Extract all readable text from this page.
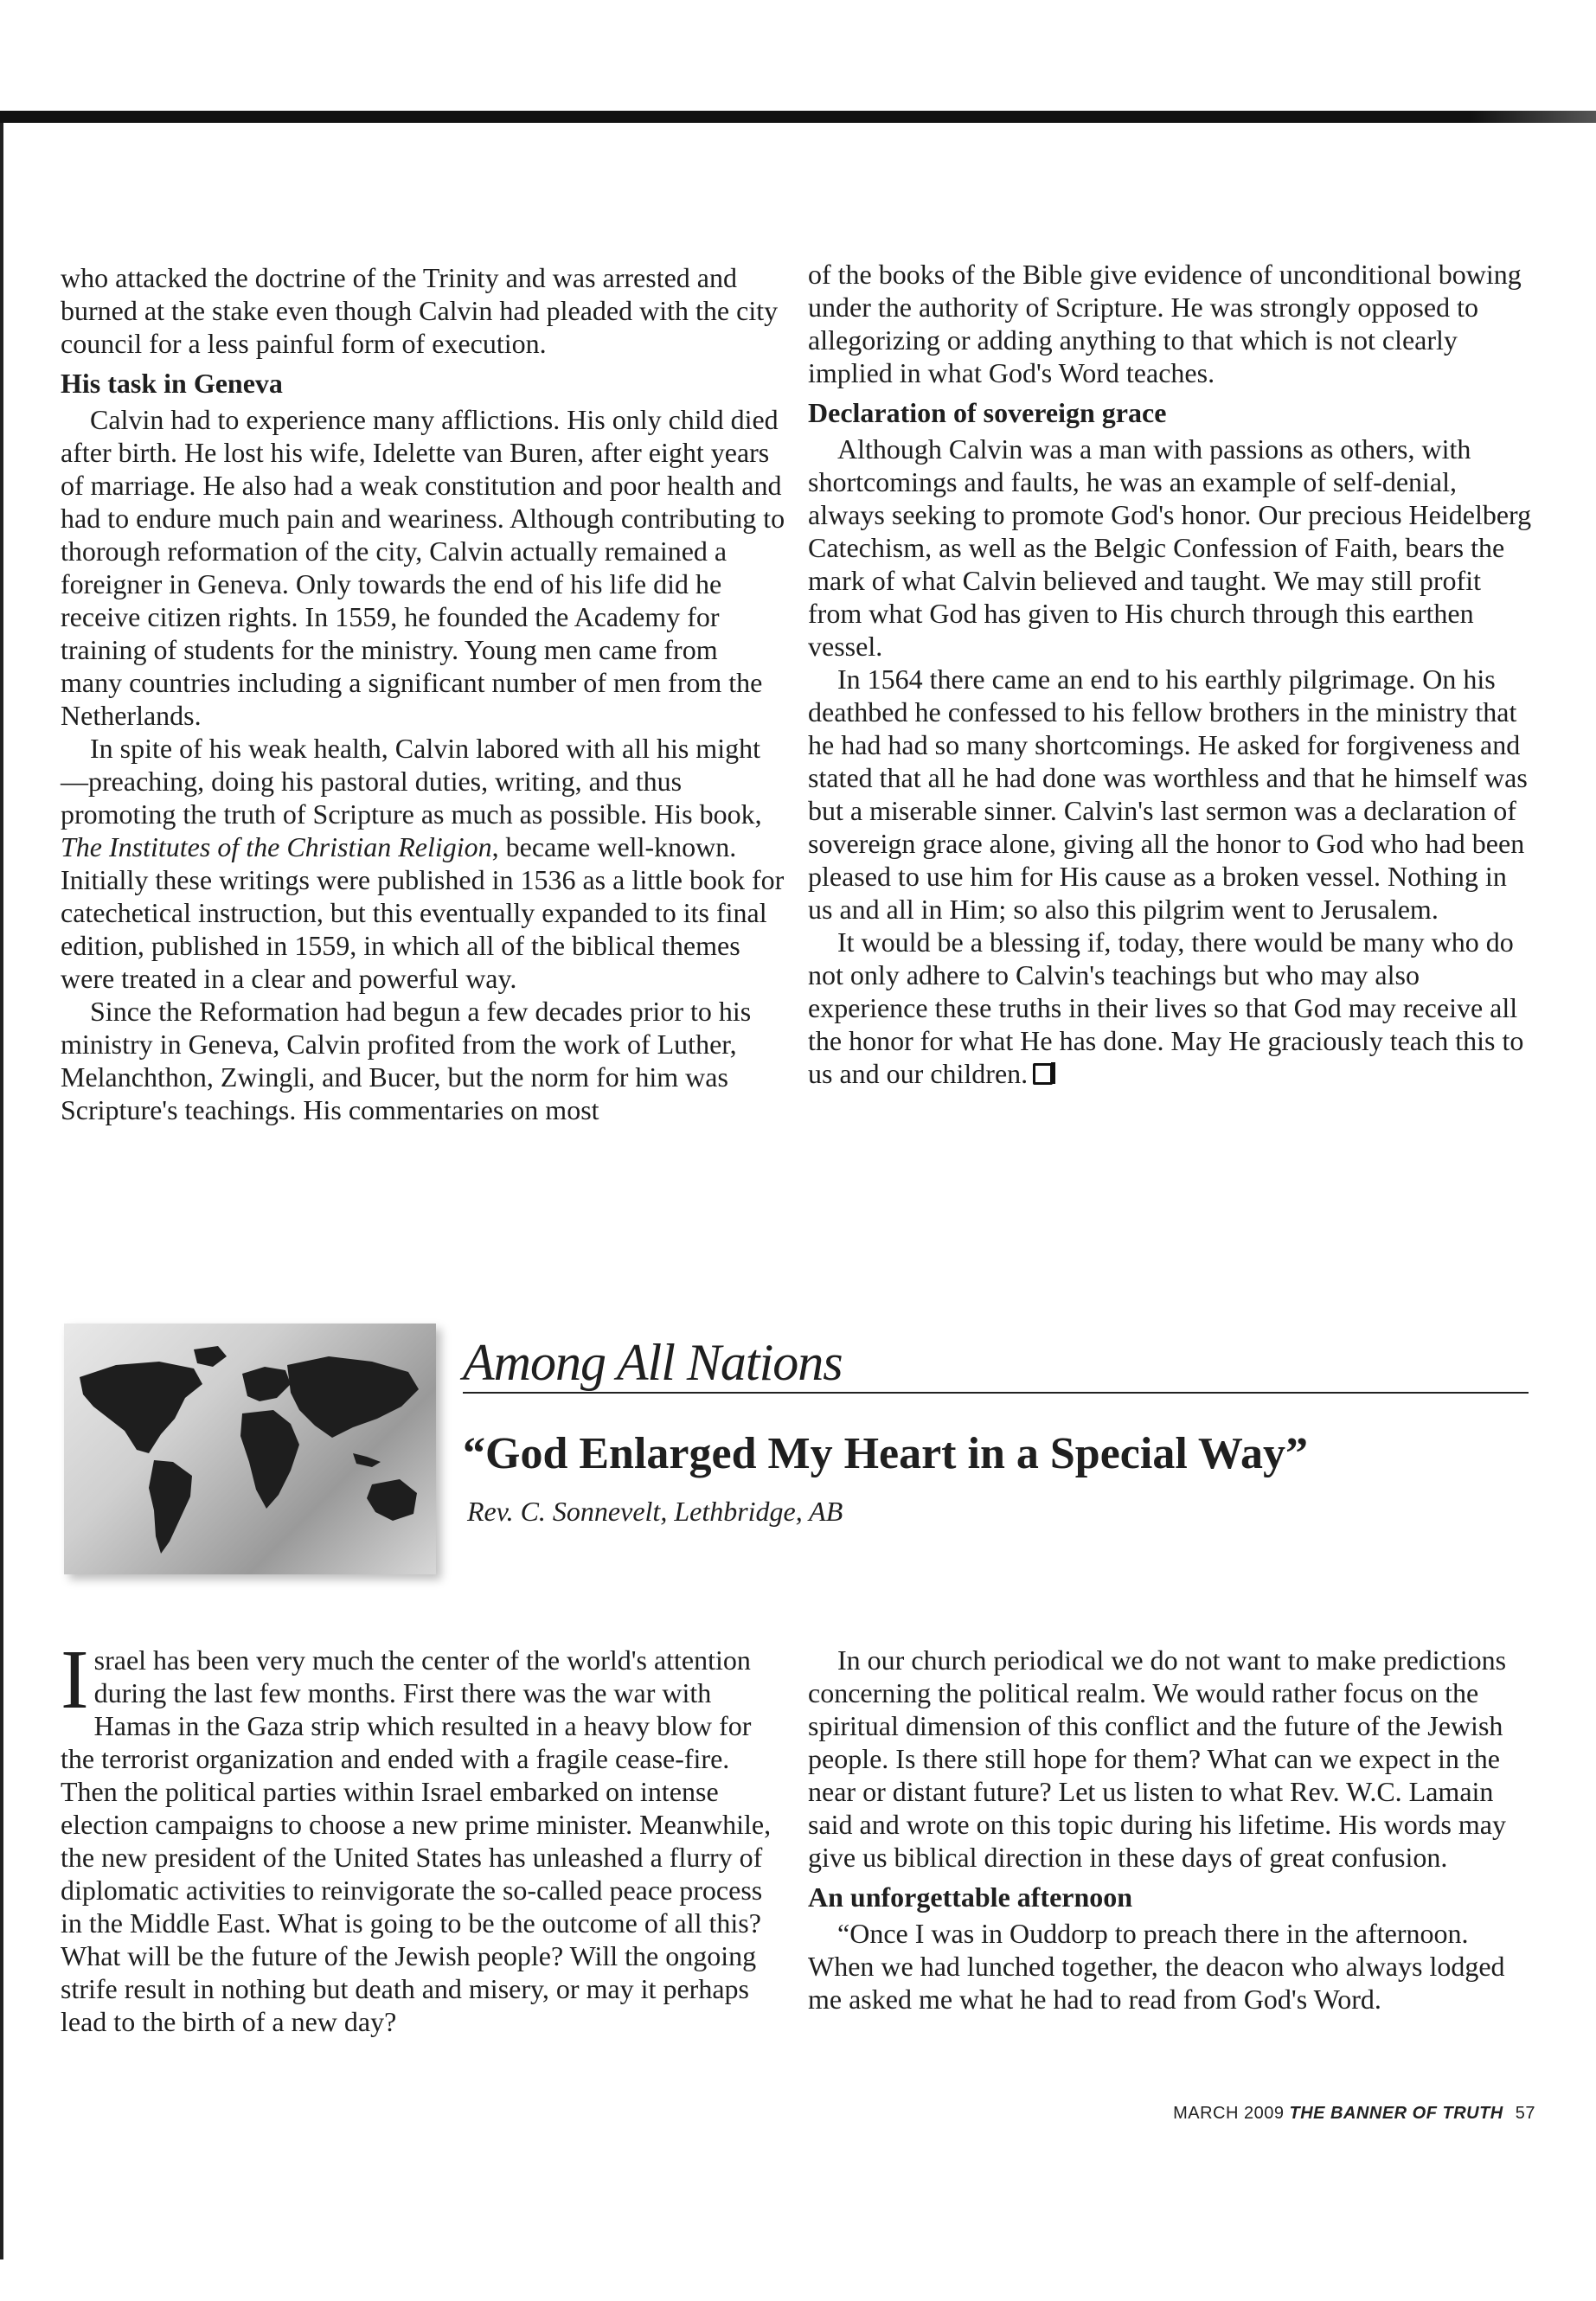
who attacked the doctrine of the Trinity and was arrested and burned at the stake even though Calvin had pleaded with the city council for a less painful form of execution.

His task in Geneva

Calvin had to experience many afflictions. His only child died after birth. He lost his wife, Idelette van Buren, after eight years of marriage. He also had a weak constitution and poor health and had to endure much pain and weariness. Although contributing to thorough reformation of the city, Calvin actually remained a foreigner in Geneva. Only towards the end of his life did he receive citizen rights. In 1559, he founded the Academy for training of students for the ministry. Young men came from many countries including a significant number of men from the Netherlands.

In spite of his weak health, Calvin labored with all his might—preaching, doing his pastoral duties, writing, and thus promoting the truth of Scripture as much as possible. His book, The Institutes of the Christian Religion, became well-known. Initially these writings were published in 1536 as a little book for catechetical instruction, but this eventually expanded to its final edition, published in 1559, in which all of the biblical themes were treated in a clear and powerful way.

Since the Reformation had begun a few decades prior to his ministry in Geneva, Calvin profited from the work of Luther, Melanchthon, Zwingli, and Bucer, but the norm for him was Scripture's teachings. His commentaries on most

of the books of the Bible give evidence of unconditional bowing under the authority of Scripture. He was strongly opposed to allegorizing or adding anything to that which is not clearly implied in what God's Word teaches.

Declaration of sovereign grace

Although Calvin was a man with passions as others, with shortcomings and faults, he was an example of self-denial, always seeking to promote God's honor. Our precious Heidelberg Catechism, as well as the Belgic Confession of Faith, bears the mark of what Calvin believed and taught. We may still profit from what God has given to His church through this earthen vessel.

In 1564 there came an end to his earthly pilgrimage. On his deathbed he confessed to his fellow brothers in the ministry that he had had so many shortcomings. He asked for forgiveness and stated that all he had done was worthless and that he himself was but a miserable sinner. Calvin's last sermon was a declaration of sovereign grace alone, giving all the honor to God who had been pleased to use him for His cause as a broken vessel. Nothing in us and all in Him; so also this pilgrim went to Jerusalem.

It would be a blessing if, today, there would be many who do not only adhere to Calvin's teachings but who may also experience these truths in their lives so that God may receive all the honor for what He has done. May He graciously teach this to us and our children.

Among All Nations
“God Enlarged My Heart in a Special Way”
Rev. C. Sonnevelt, Lethbridge, AB

Israel has been very much the center of the world's attention during the last few months. First there was the war with Hamas in the Gaza strip which resulted in a heavy blow for the terrorist organization and ended with a fragile cease-fire. Then the political parties within Israel embarked on intense election campaigns to choose a new prime minister. Meanwhile, the new president of the United States has unleashed a flurry of diplomatic activities to reinvigorate the so-called peace process in the Middle East. What is going to be the outcome of all this? What will be the future of the Jewish people? Will the ongoing strife result in nothing but death and misery, or may it perhaps lead to the birth of a new day?

In our church periodical we do not want to make predictions concerning the political realm. We would rather focus on the spiritual dimension of this conflict and the future of the Jewish people. Is there still hope for them? What can we expect in the near or distant future? Let us listen to what Rev. W.C. Lamain said and wrote on this topic during his lifetime. His words may give us biblical direction in these days of great confusion.

An unforgettable afternoon

“Once I was in Ouddorp to preach there in the afternoon. When we had lunched together, the deacon who always lodged me asked me what he had to read from God's Word.

MARCH 2009 THE BANNER OF TRUTH 57
